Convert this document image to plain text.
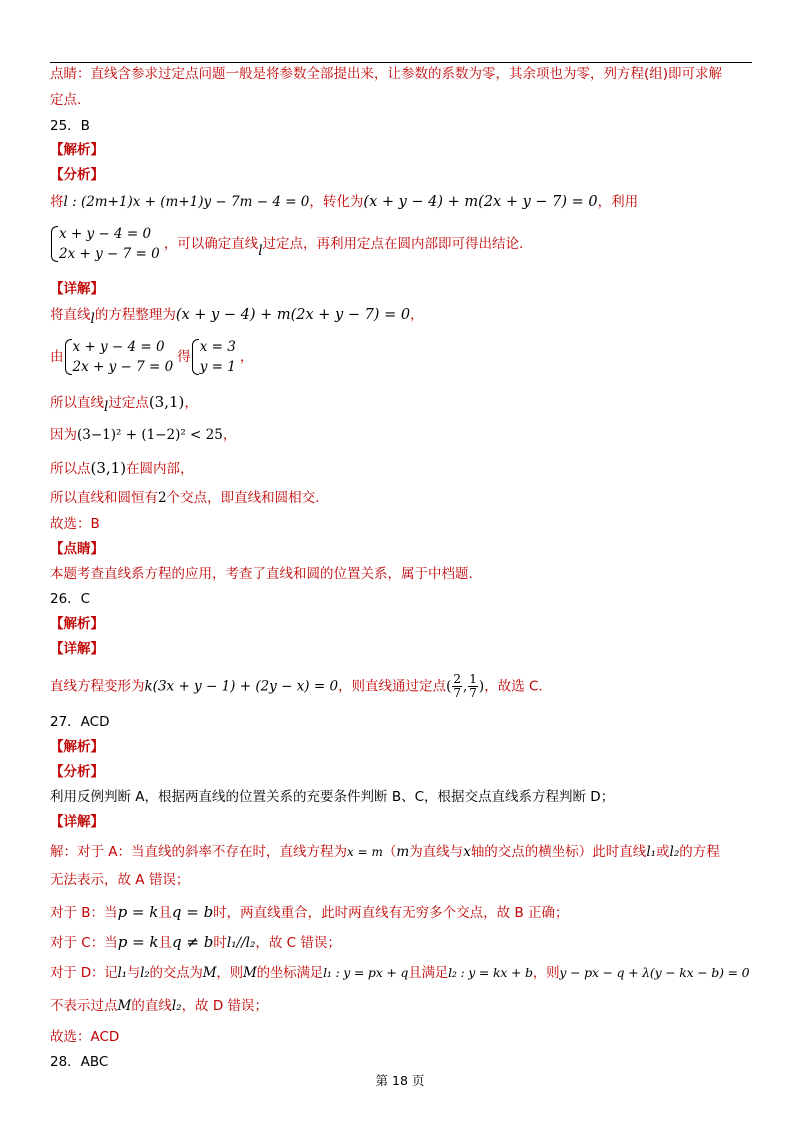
点睛：直线含参求过定点问题一般是将参数全部提出来，让参数的系数为零，其余项也为零，列方程(组)即可求解
定点.
25．B
【解析】
【分析】
将l : (2m+1)x + (m+1)y − 7m − 4 = 0，转化为(x + y − 4) + m(2x + y − 7) = 0，利用
x + y − 4 = 0
2x + y − 7 = 0
，可以确定直线l过定点，再利用定点在圆内部即可得出结论.
【详解】
将直线l的方程整理为(x + y − 4) + m(2x + y − 7) = 0，
由
x + y − 4 = 0
2x + y − 7 = 0
得
x = 3
y = 1
，
所以直线l过定点(3,1)，
因为(3−1)² + (1−2)² < 25，
所以点(3,1)在圆内部，
所以直线和圆恒有2个交点，即直线和圆相交.
故选：B
【点睛】
本题考查直线系方程的应用，考查了直线和圆的位置关系，属于中档题.
26．C
【解析】
【详解】
直线方程变形为k(3x + y − 1) + (2y − x) = 0，则直线通过定点( $\frac{2}{7}$ , $\frac{1}{7}$ )，故选 C.
27．ACD
【解析】
【分析】
利用反例判断 A，根据两直线的位置关系的充要条件判断 B、C，根据交点直线系方程判断 D；
【详解】
解：对于 A：当直线的斜率不存在时，直线方程为x = m（m为直线与x轴的交点的横坐标）此时直线l₁或l₂的方程
无法表示，故 A 错误；
对于 B：当p = k且q = b时，两直线重合，此时两直线有无穷多个交点，故 B 正确；
对于 C：当p = k且q ≠ b时l₁//l₂，故 C 错误；
对于 D：记l₁与l₂的交点为M，则M的坐标满足l₁ : y = px + q且满足l₂ : y = kx + b，则y − px − q + λ(y − kx − b) = 0
不表示过点M的直线l₂，故 D 错误；
故选：ACD
28．ABC
第 18 页
